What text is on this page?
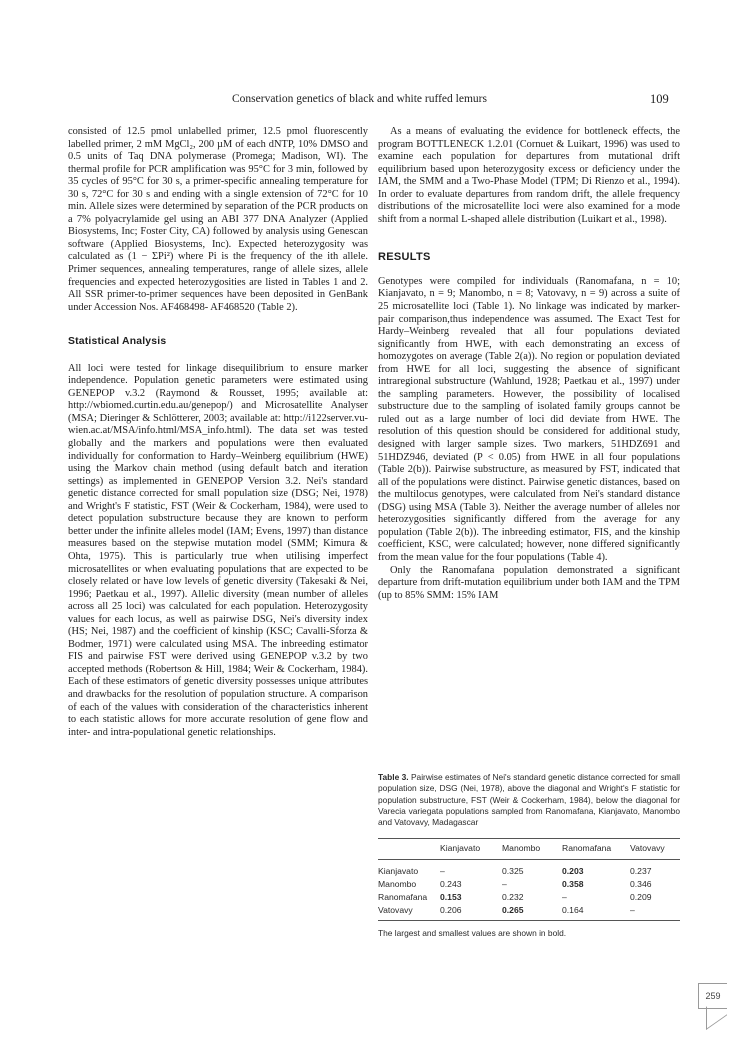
Conservation genetics of black and white ruffed lemurs	109

consisted of 12.5 pmol unlabelled primer, 12.5 pmol fluorescently labelled primer, 2 mM MgCl₂, 200 µM of each dNTP, 10% DMSO and 0.5 units of Taq DNA polymerase (Promega; Madison, WI). The thermal profile for PCR amplification was 95°C for 3 min, followed by 35 cycles of 95°C for 30 s, a primer-specific annealing temperature for 30 s, 72°C for 30 s and ending with a single extension of 72°C for 10 min. Allele sizes were determined by separation of the PCR products on a 7% polyacrylamide gel using an ABI 377 DNA Analyzer (Applied Biosystems, Inc; Foster City, CA) followed by analysis using Genescan software (Applied Biosystems, Inc). Expected heterozygosity was calculated as (1 − ΣPi²) where Pi is the frequency of the ith allele. Primer sequences, annealing temperatures, range of allele sizes, allele frequencies and expected heterozygosities are listed in Tables 1 and 2. All SSR primer-to-primer sequences have been deposited in GenBank under Accession Nos. AF468498- AF468520 (Table 2).

Statistical Analysis

All loci were tested for linkage disequilibrium to ensure marker independence. Population genetic parameters were estimated using GENEPOP v.3.2 (Raymond & Rousset, 1995; available at: http://wbiomed.curtin.edu.au/genepop/) and Microsatellite Analyser (MSA; Dieringer & Schlötterer, 2003; available at: http://i122server.vu-wien.ac.at/MSA/info.html/MSA_info.html). The data set was tested globally and the markers and populations were then evaluated individually for conformation to Hardy–Weinberg equilibrium (HWE) using the Markov chain method (using default batch and iteration settings) as implemented in GENEPOP Version 3.2. Nei's standard genetic distance corrected for small population size (DSG; Nei, 1978) and Wright's F statistic, FST (Weir & Cockerham, 1984), were used to detect population substructure because they are known to perform better under the infinite alleles model (IAM; Evens, 1997) than distance measures based on the stepwise mutation model (SMM; Kimura & Ohta, 1975). This is particularly true when utilising imperfect microsatellites or when evaluating populations that are expected to be closely related or have low levels of genetic diversity (Takesaki & Nei, 1996; Paetkau et al., 1997). Allelic diversity (mean number of alleles across all 25 loci) was calculated for each population. Heterozygosity values for each locus, as well as pairwise DSG, Nei's diversity index (HS; Nei, 1987) and the coefficient of kinship (KSC; Cavalli-Sforza & Bodmer, 1971) were calculated using MSA. The inbreeding estimator FIS and pairwise FST were derived using GENEPOP v.3.2 by two accepted methods (Robertson & Hill, 1984; Weir & Cockerham, 1984). Each of these estimators of genetic diversity possesses unique attributes and drawbacks for the resolution of population structure. A comparison of each of the values with consideration of the characteristics inherent to each statistic allows for more accurate resolution of gene flow and inter- and intra-populational genetic relationships.

As a means of evaluating the evidence for bottleneck effects, the program BOTTLENECK 1.2.01 (Cornuet & Luikart, 1996) was used to examine each population for departures from mutational drift equilibrium based upon heterozygosity excess or deficiency under the IAM, the SMM and a Two-Phase Model (TPM; Di Rienzo et al., 1994). In order to evaluate departures from random drift, the allele frequency distributions of the microsatellite loci were also examined for a mode shift from a normal L-shaped allele distribution (Luikart et al., 1998).

RESULTS

Genotypes were compiled for individuals (Ranomafana, n = 10; Kianjavato, n = 9; Manombo, n = 8; Vatovavy, n = 9) across a suite of 25 microsatellite loci (Table 1). No linkage was indicated by marker-pair comparison,thus independence was assumed. The Exact Test for Hardy–Weinberg revealed that all four populations deviated significantly from HWE, with each demonstrating an excess of homozygotes on average (Table 2(a)). No region or population deviated from HWE for all loci, suggesting the absence of significant intraregional substructure (Wahlund, 1928; Paetkau et al., 1997) under the sampling parameters. However, the possibility of localised substructure due to the sampling of isolated family groups cannot be ruled out as a large number of loci did deviate from HWE. The resolution of this question should be considered for additional study, designed with larger sample sizes. Two markers, 51HDZ691 and 51HDZ946, deviated (P < 0.05) from HWE in all four populations (Table 2(b)). Pairwise substructure, as measured by FST, indicated that all of the populations were distinct. Pairwise genetic distances, based on the multilocus genotypes, were calculated from Nei's standard distance (DSG) using MSA (Table 3). Neither the average number of alleles nor heterozygosities significantly differed from the average for any population (Table 2(b)). The inbreeding estimator, FIS, and the kinship coefficient, KSC, were calculated; however, none differed significantly from the mean value for the four populations (Table 4).

Only the Ranomafana population demonstrated a significant departure from drift-mutation equilibrium under both IAM and the TPM (up to 85% SMM: 15% IAM

Table 3. Pairwise estimates of Nei's standard genetic distance corrected for small population size, DSG (Nei, 1978), above the diagonal and Wright's F statistic for population substructure, FST (Weir & Cockerham, 1984), below the diagonal for Varecia variegata populations sampled from Ranomafana, Kianjavato, Manombo and Vatovavy, Madagascar

	Kianjavato	Manombo	Ranomafana	Vatovavy
Kianjavato	–	0.325	0.203	0.237
Manombo	0.243	–	0.358	0.346
Ranomafana	0.153	0.232	–	0.209
Vatovavy	0.206	0.265	0.164	–
The largest and smallest values are shown in bold.
259
